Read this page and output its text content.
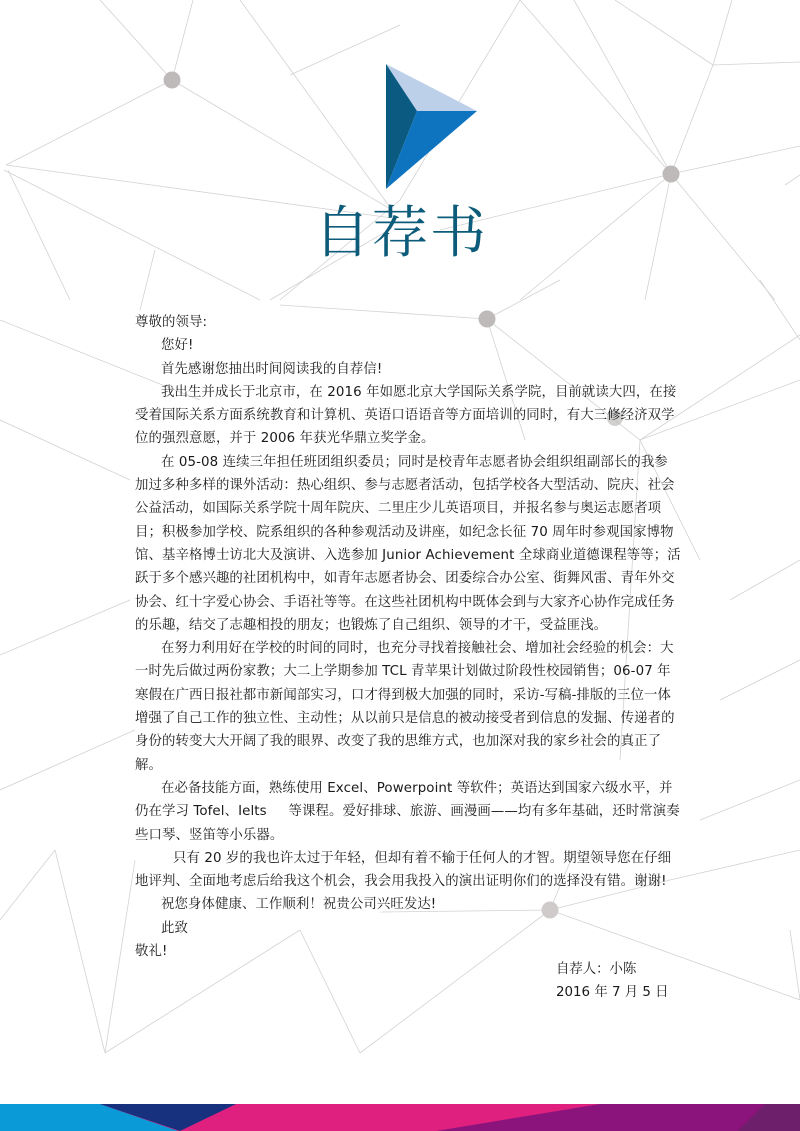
自荐书
尊敬的领导:
您好!
首先感谢您抽出时间阅读我的自荐信!
我出生并成长于北京市，在 2016 年如愿北京大学国际关系学院，目前就读大四，在接
受着国际关系方面系统教育和计算机、英语口语语音等方面培训的同时，有大三修经济双学
位的强烈意愿，并于 2006 年获光华鼎立奖学金。
在 05-08 连续三年担任班团组织委员；同时是校青年志愿者协会组织组副部长的我参
加过多种多样的课外活动：热心组织、参与志愿者活动，包括学校各大型活动、院庆、社会
公益活动，如国际关系学院十周年院庆、二里庄少儿英语项目，并报名参与奥运志愿者项
目；积极参加学校、院系组织的各种参观活动及讲座，如纪念长征 70 周年时参观国家博物
馆、基辛格博士访北大及演讲、入选参加 Junior Achievement 全球商业道德课程等等；活
跃于多个感兴趣的社团机构中，如青年志愿者协会、团委综合办公室、街舞风雷、青年外交
协会、红十字爱心协会、手语社等等。在这些社团机构中既体会到与大家齐心协作完成任务
的乐趣，结交了志趣相投的朋友；也锻炼了自己组织、领导的才干，受益匪浅。
在努力利用好在学校的时间的同时，也充分寻找着接触社会、增加社会经验的机会：大
一时先后做过两份家教；大二上学期参加 TCL 青苹果计划做过阶段性校园销售；06-07 年
寒假在广西日报社都市新闻部实习，口才得到极大加强的同时，采访-写稿-排版的三位一体
增强了自己工作的独立性、主动性；从以前只是信息的被动接受者到信息的发掘、传递者的
身份的转变大大开阔了我的眼界、改变了我的思维方式，也加深对我的家乡社会的真正了
解。
在必备技能方面，熟练使用 Excel、Powerpoint 等软件；英语达到国家六级水平，并
仍在学习 Tofel、Ielts     等课程。爱好排球、旅游、画漫画——均有多年基础，还时常演奏
些口琴、竖笛等小乐器。
只有 20 岁的我也许太过于年轻，但却有着不输于任何人的才智。期望领导您在仔细
地评判、全面地考虑后给我这个机会，我会用我投入的演出证明你们的选择没有错。谢谢!
祝您身体健康、工作顺利！祝贵公司兴旺发达!
此致
敬礼!
自荐人：小陈
2016 年 7 月 5 日
